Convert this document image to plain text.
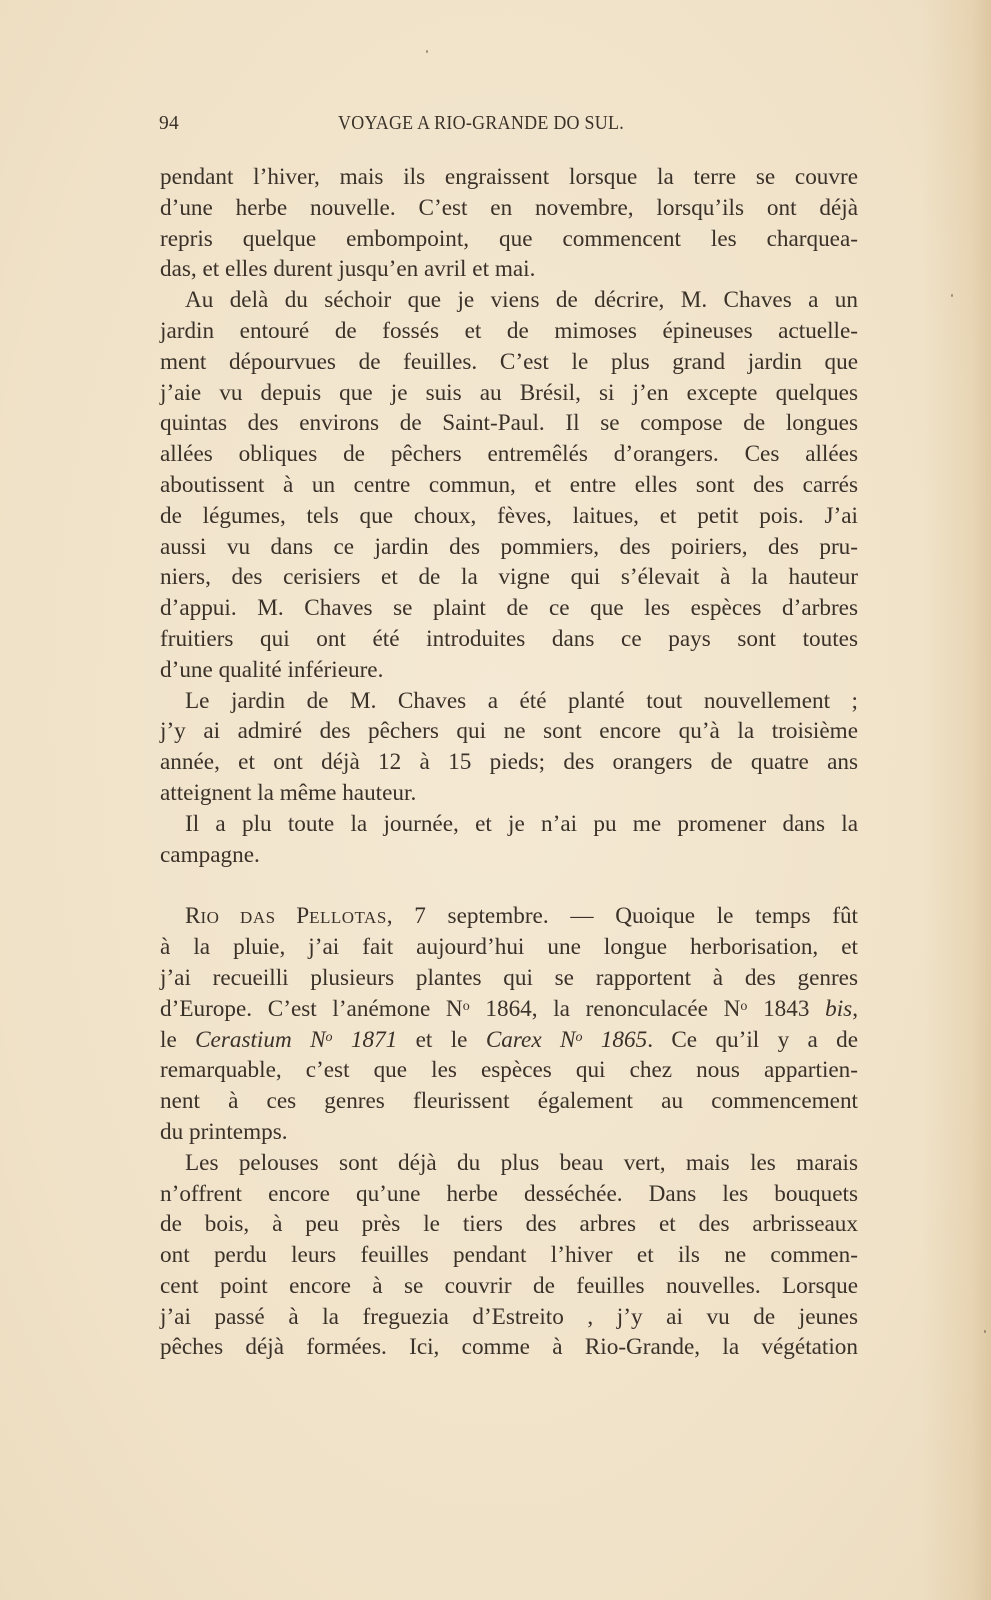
94	VOYAGE A RIO-GRANDE DO SUL.
pendant l’hiver, mais ils engraissent lorsque la terre se couvre
d’une herbe nouvelle. C’est en novembre, lorsqu’ils ont déjà
repris quelque embompoint, que commencent les charquea-
das, et elles durent jusqu’en avril et mai.
Au delà du séchoir que je viens de décrire, M. Chaves a un
jardin entouré de fossés et de mimoses épineuses actuelle-
ment dépourvues de feuilles. C’est le plus grand jardin que
j’aie vu depuis que je suis au Brésil, si j’en excepte quelques
quintas des environs de Saint-Paul. Il se compose de longues
allées obliques de pêchers entremêlés d’orangers. Ces allées
aboutissent à un centre commun, et entre elles sont des carrés
de légumes, tels que choux, fèves, laitues, et petit pois. J’ai
aussi vu dans ce jardin des pommiers, des poiriers, des pru-
niers, des cerisiers et de la vigne qui s’élevait à la hauteur
d’appui. M. Chaves se plaint de ce que les espèces d’arbres
fruitiers qui ont été introduites dans ce pays sont toutes
d’une qualité inférieure.
Le jardin de M. Chaves a été planté tout nouvellement ;
j’y ai admiré des pêchers qui ne sont encore qu’à la troisième
année, et ont déjà 12 à 15 pieds; des orangers de quatre ans
atteignent la même hauteur.
Il a plu toute la journée, et je n’ai pu me promener dans la
campagne.
RIO DAS PELLOTAS, 7 septembre. — Quoique le temps fût
à la pluie, j’ai fait aujourd’hui une longue herborisation, et
j’ai recueilli plusieurs plantes qui se rapportent à des genres
d’Europe. C’est l’anémone $N^o$ 1864, la renonculacée $N^o$ 1843 bis,
le Cerastium $N^o$ 1871 et le Carex $N^o$ 1865. Ce qu’il y a de
remarquable, c’est que les espèces qui chez nous appartien-
nent à ces genres fleurissent également au commencement
du printemps.
Les pelouses sont déjà du plus beau vert, mais les marais
n’offrent encore qu’une herbe desséchée. Dans les bouquets
de bois, à peu près le tiers des arbres et des arbrisseaux
ont perdu leurs feuilles pendant l’hiver et ils ne commen-
cent point encore à se couvrir de feuilles nouvelles. Lorsque
j’ai passé à la freguezia d’Estreito , j’y ai vu de jeunes
pêches déjà formées. Ici, comme à Rio-Grande, la végétation
